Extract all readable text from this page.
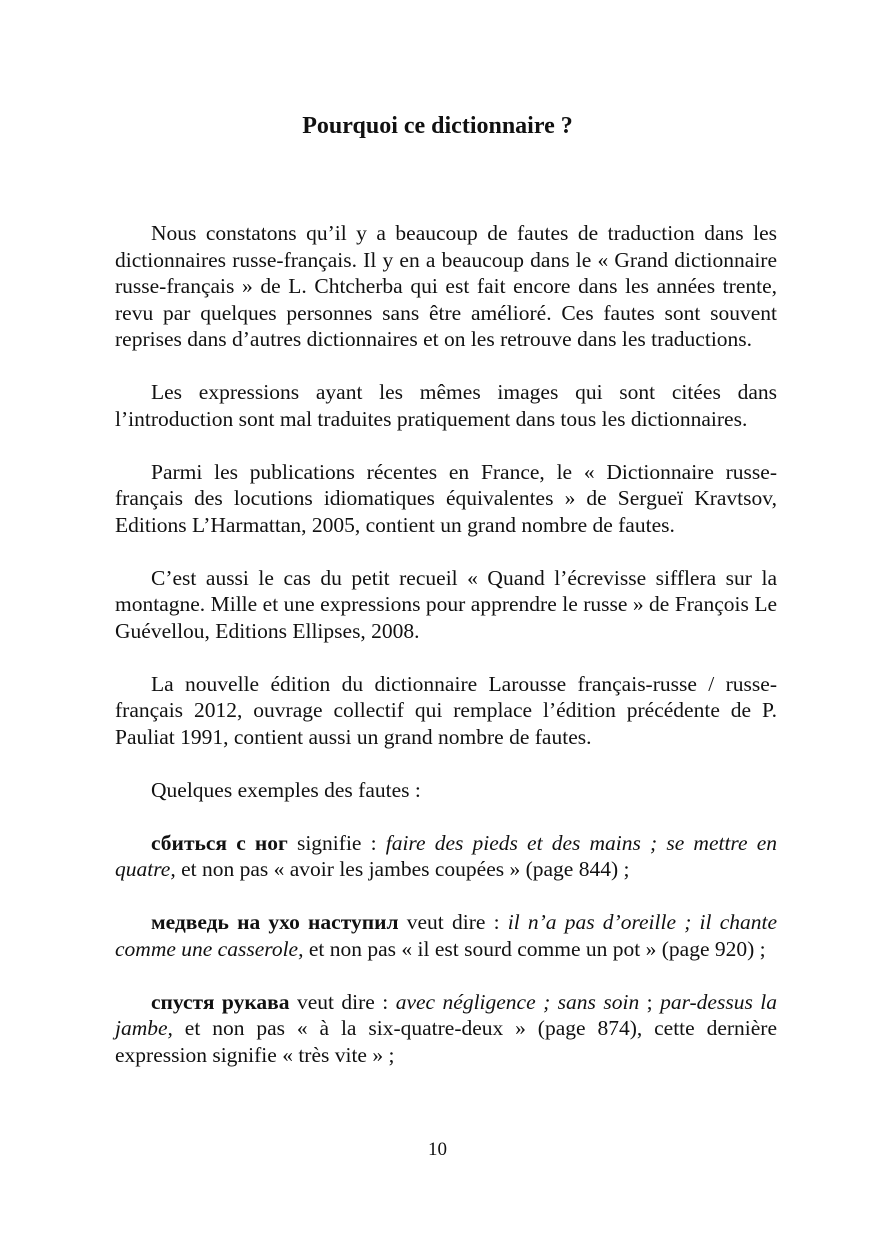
Pourquoi ce dictionnaire ?

Nous constatons qu’il y a beaucoup de fautes de traduction dans les dictionnaires russe-français. Il y en a beaucoup dans le « Grand dictionnaire russe-français » de L. Chtcherba qui est fait encore dans les années trente, revu par quelques personnes sans être amélioré. Ces fautes sont souvent reprises dans d’autres dictionnaires et on les retrouve dans les traductions.

Les expressions ayant les mêmes images qui sont citées dans l’introduction sont mal traduites pratiquement dans tous les dictionnaires.

Parmi les publications récentes en France, le « Dictionnaire russe-français des locutions idiomatiques équivalentes » de Sergueï Kravtsov, Editions L’Harmattan, 2005, contient un grand nombre de fautes.

C’est aussi le cas du petit recueil « Quand l’écrevisse sifflera sur la montagne. Mille et une expressions pour apprendre le russe » de François Le Guévellou, Editions Ellipses, 2008.

La nouvelle édition du dictionnaire Larousse français-russe / russe-français 2012, ouvrage collectif qui remplace l’édition précédente de P. Pauliat 1991, contient aussi un grand nombre de fautes.

Quelques exemples des fautes :

сбиться с ног signifie : faire des pieds et des mains ; se mettre en quatre, et non pas « avoir les jambes coupées » (page 844) ;

медведь на ухо наступил veut dire : il n’a pas d’oreille ; il chante comme une casserole, et non pas « il est sourd comme un pot » (page 920) ;

спустя рукава veut dire : avec négligence ; sans soin ; par-dessus la jambe, et non pas « à la six-quatre-deux » (page 874), cette dernière expression signifie « très vite » ;

10
